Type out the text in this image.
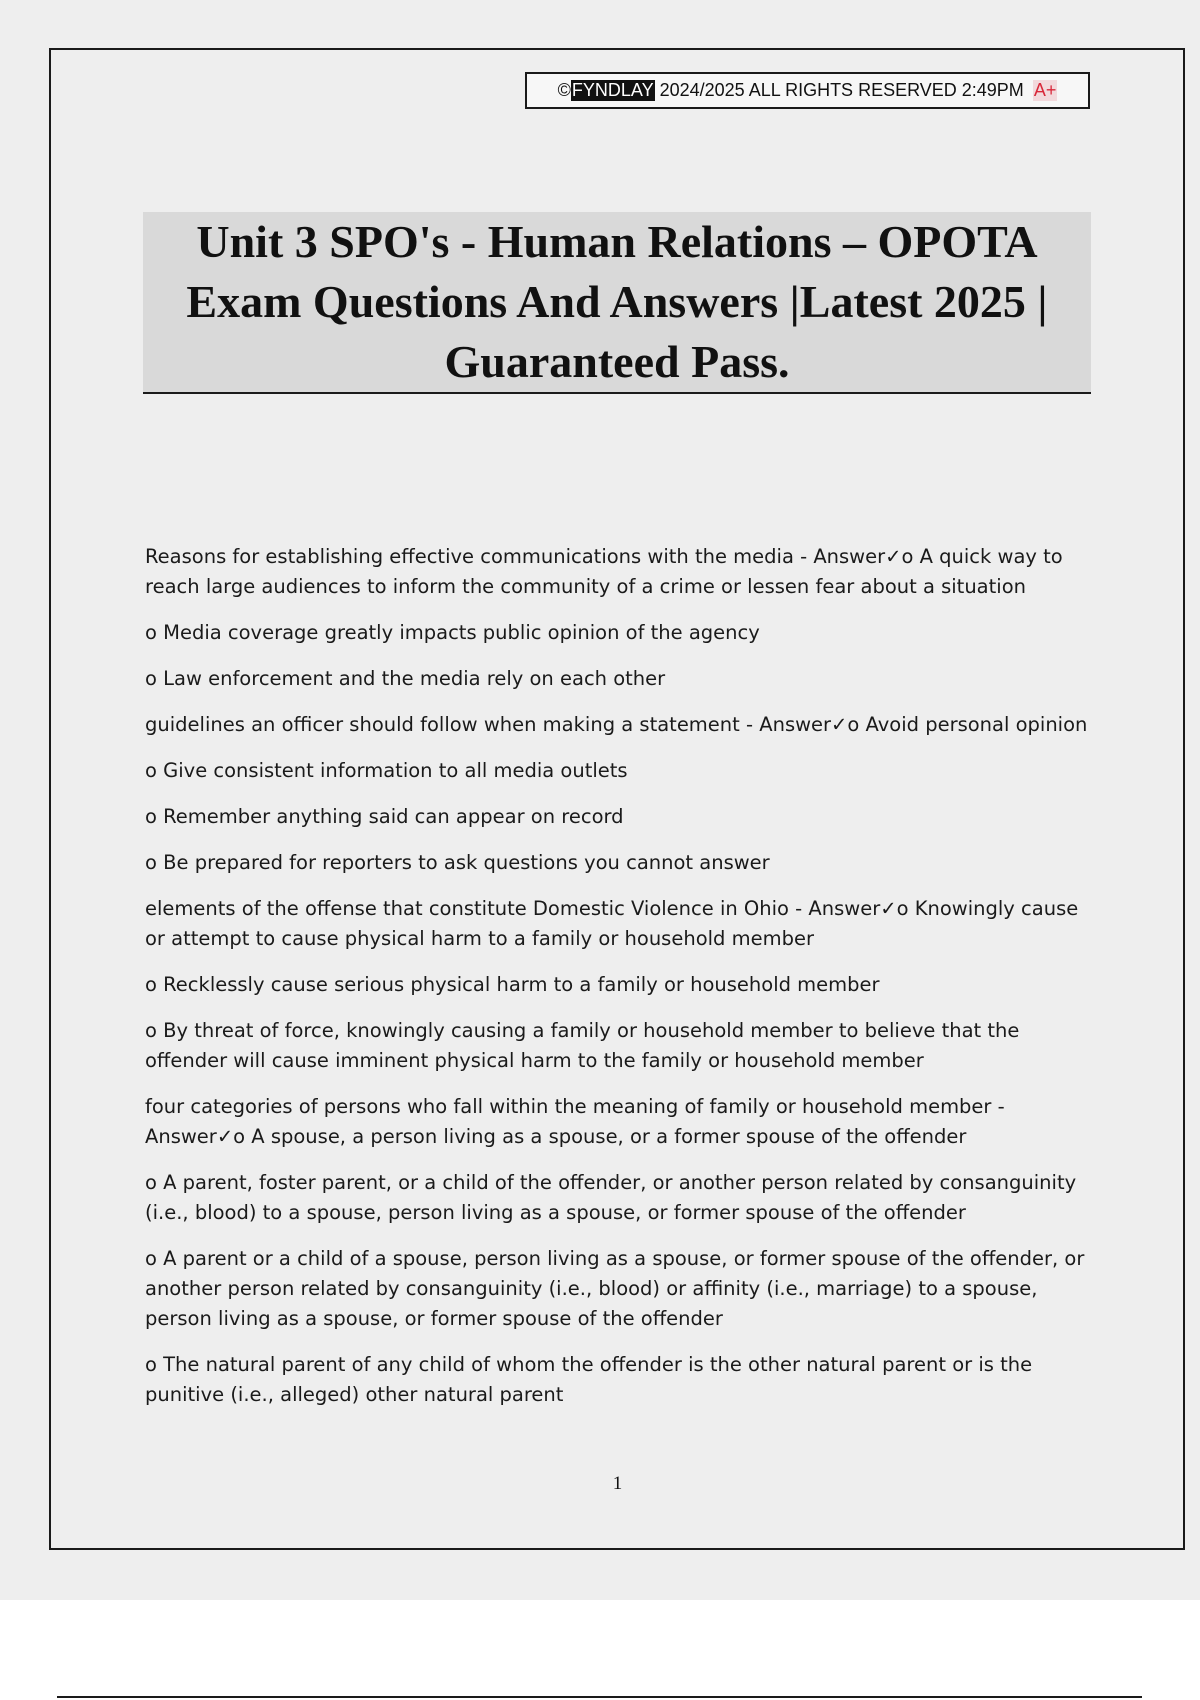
© FYNDLAY 2024/2025 ALL RIGHTS RESERVED 2:49PM A+
Unit 3 SPO's - Human Relations – OPOTA
Exam Questions And Answers |Latest 2025 |
Guaranteed Pass.

Reasons for establishing effective communications with the media - Answer✓o A quick way to reach large audiences to inform the community of a crime or lessen fear about a situation

o Media coverage greatly impacts public opinion of the agency

o Law enforcement and the media rely on each other

guidelines an officer should follow when making a statement - Answer✓o Avoid personal opinion

o Give consistent information to all media outlets

o Remember anything said can appear on record

o Be prepared for reporters to ask questions you cannot answer

elements of the offense that constitute Domestic Violence in Ohio - Answer✓o Knowingly cause or attempt to cause physical harm to a family or household member

o Recklessly cause serious physical harm to a family or household member

o By threat of force, knowingly causing a family or household member to believe that the offender will cause imminent physical harm to the family or household member

four categories of persons who fall within the meaning of family or household member - Answer✓o A spouse, a person living as a spouse, or a former spouse of the offender

o A parent, foster parent, or a child of the offender, or another person related by consanguinity (i.e., blood) to a spouse, person living as a spouse, or former spouse of the offender

o A parent or a child of a spouse, person living as a spouse, or former spouse of the offender, or another person related by consanguinity (i.e., blood) or affinity (i.e., marriage) to a spouse, person living as a spouse, or former spouse of the offender

o The natural parent of any child of whom the offender is the other natural parent or is the punitive (i.e., alleged) other natural parent

1
